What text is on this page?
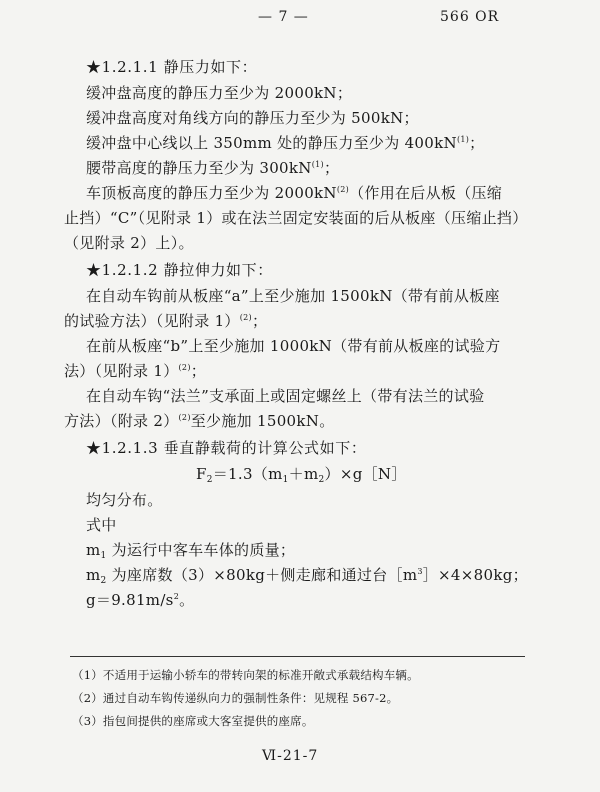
— 7 —	566 OR
★1.2.1.1 静压力如下：
缓冲盘高度的静压力至少为 2000kN；
缓冲盘高度对角线方向的静压力至少为 500kN；
缓冲盘中心线以上 350mm 处的静压力至少为 $400kN^{(1)}$；
腰带高度的静压力至少为 $300kN^{(1)}$；
车顶板高度的静压力至少为 $2000kN^{(2)}$（作用在后从板（压缩
止挡）“C”（见附录 1）或在法兰固定安装面的后从板座（压缩止挡）
（见附录 2）上）。
★1.2.1.2 静拉伸力如下：
在自动车钩前从板座“a”上至少施加 1500kN（带有前从板座
的试验方法）（见附录 1）$^{(2)}$；
在前从板座“b”上至少施加 1000kN（带有前从板座的试验方
法）（见附录 1）$^{(2)}$；
在自动车钩“法兰”支承面上或固定螺丝上（带有法兰的试验
方法）（附录 2）$^{(2)}$至少施加 1500kN。
★1.2.1.3 垂直静载荷的计算公式如下：
$F_2=1.3(m_1+m_2)\times g[N]$
均匀分布。
式中
$m_1$ 为运行中客车车体的质量；
$m_2$ 为座席数（3）×80kg＋侧走廊和通过台$[m^3]\times 4\times 80kg$；
$g=9.81m/s^2$。
（1）不适用于运输小轿车的带转向架的标准开敞式承载结构车辆。
（2）通过自动车钩传递纵向力的强制性条件：见规程 567-2。
（3）指包间提供的座席或大客室提供的座席。
Ⅵ-21-7
